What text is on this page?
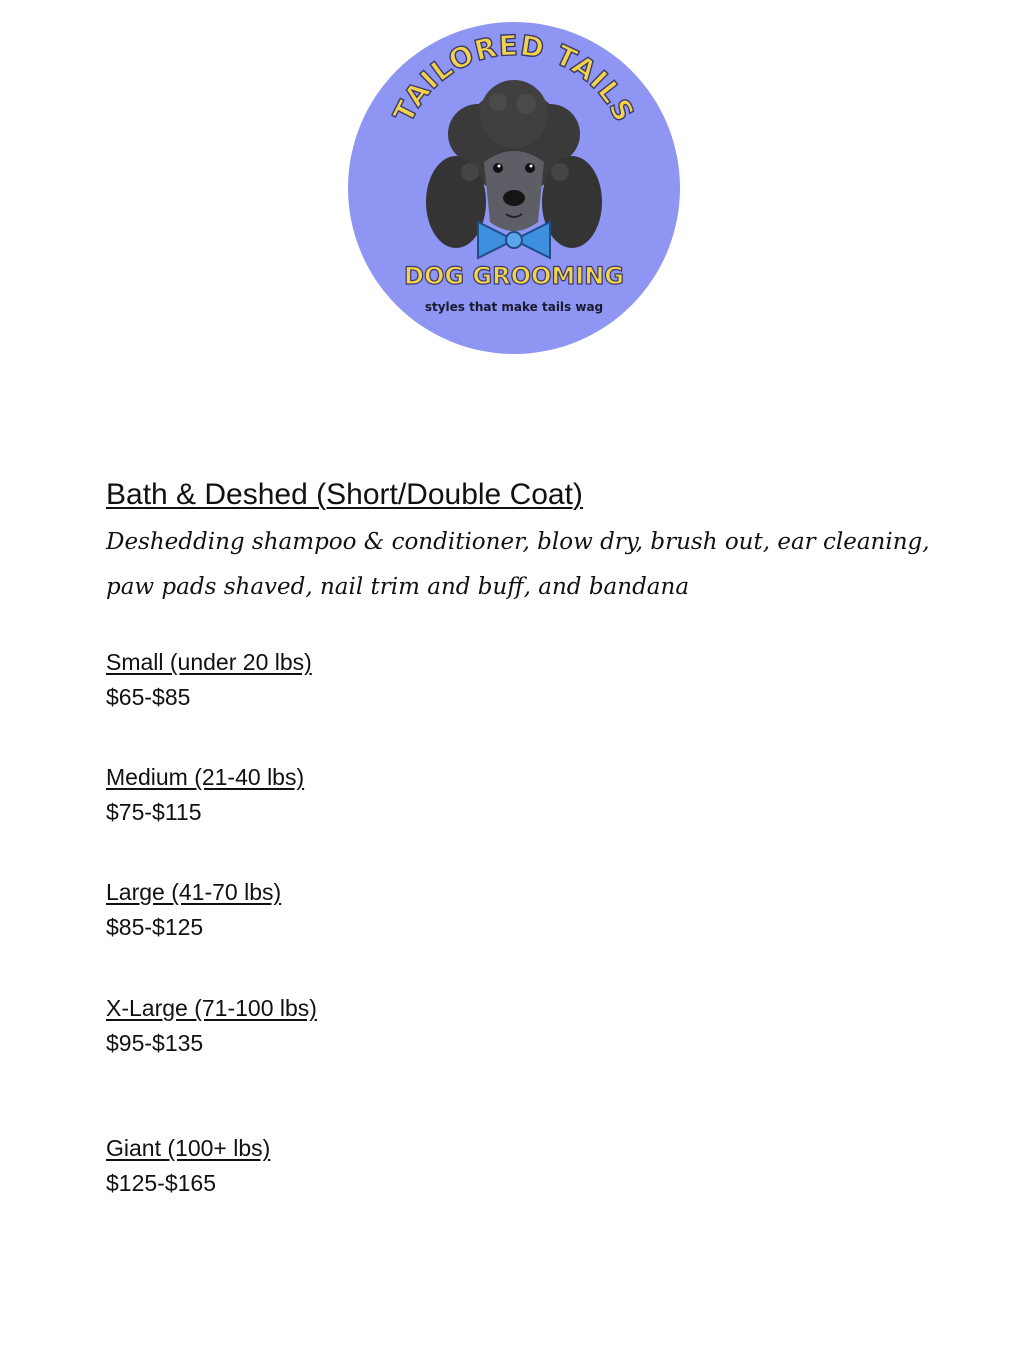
TAILORED TAILS
DOG GROOMING
styles that make tails wag
Bath & Deshed (Short/Double Coat)

Deshedding shampoo & conditioner, blow dry, brush out, ear cleaning, paw pads shaved, nail trim and buff, and bandana

Small (under 20 lbs)
$65-$85
Medium (21-40 lbs)
$75-$115
Large (41-70 lbs)
$85-$125
X-Large (71-100 lbs)
$95-$135
Giant (100+ lbs)
$125-$165
